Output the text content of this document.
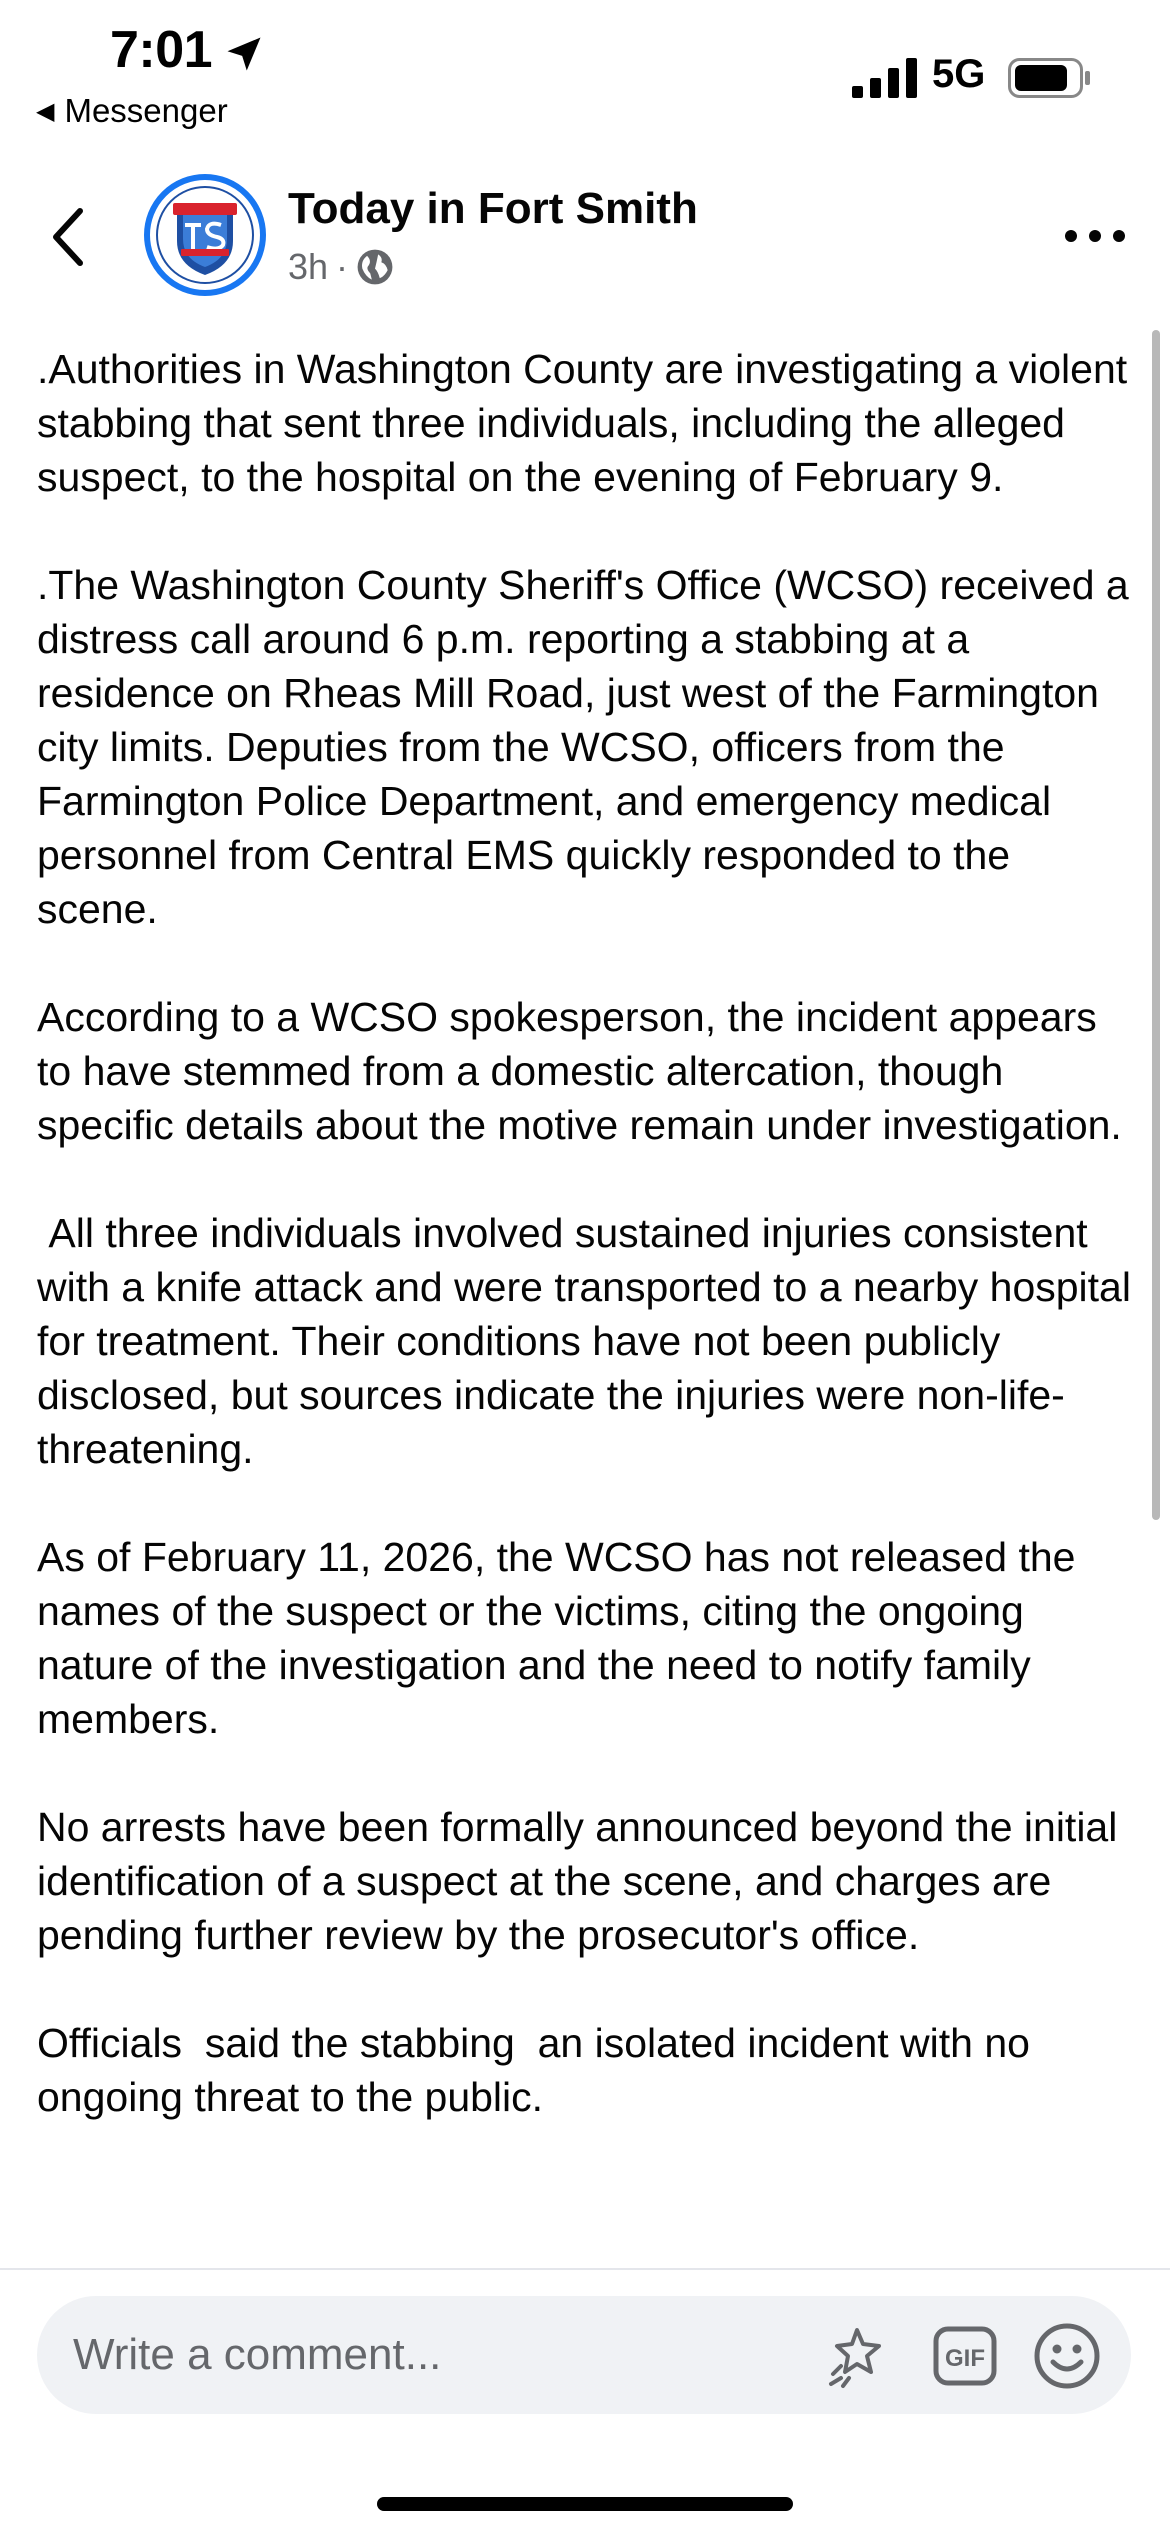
7:01
◀ Messenger
5G
Today in Fort Smith
3h ·

.Authorities in Washington County are investigating a violent stabbing that sent three individuals, including the alleged suspect, to the hospital on the evening of February 9.

.The Washington County Sheriff's Office (WCSO) received a distress call around 6 p.m. reporting a stabbing at a residence on Rheas Mill Road, just west of the Farmington city limits. Deputies from the WCSO, officers from the Farmington Police Department, and emergency medical personnel from Central EMS quickly responded to the scene.

According to a WCSO spokesperson, the incident appears to have stemmed from a domestic altercation, though specific details about the motive remain under investigation.

All three individuals involved sustained injuries consistent with a knife attack and were transported to a nearby hospital for treatment. Their conditions have not been publicly disclosed, but sources indicate the injuries were non-life-threatening.

As of February 11, 2026, the WCSO has not released the names of the suspect or the victims, citing the ongoing nature of the investigation and the need to notify family members.

No arrests have been formally announced beyond the initial identification of a suspect at the scene, and charges are pending further review by the prosecutor's office.

Officials  said the stabbing  an isolated incident with no ongoing threat to the public.

Write a comment...
GIF
